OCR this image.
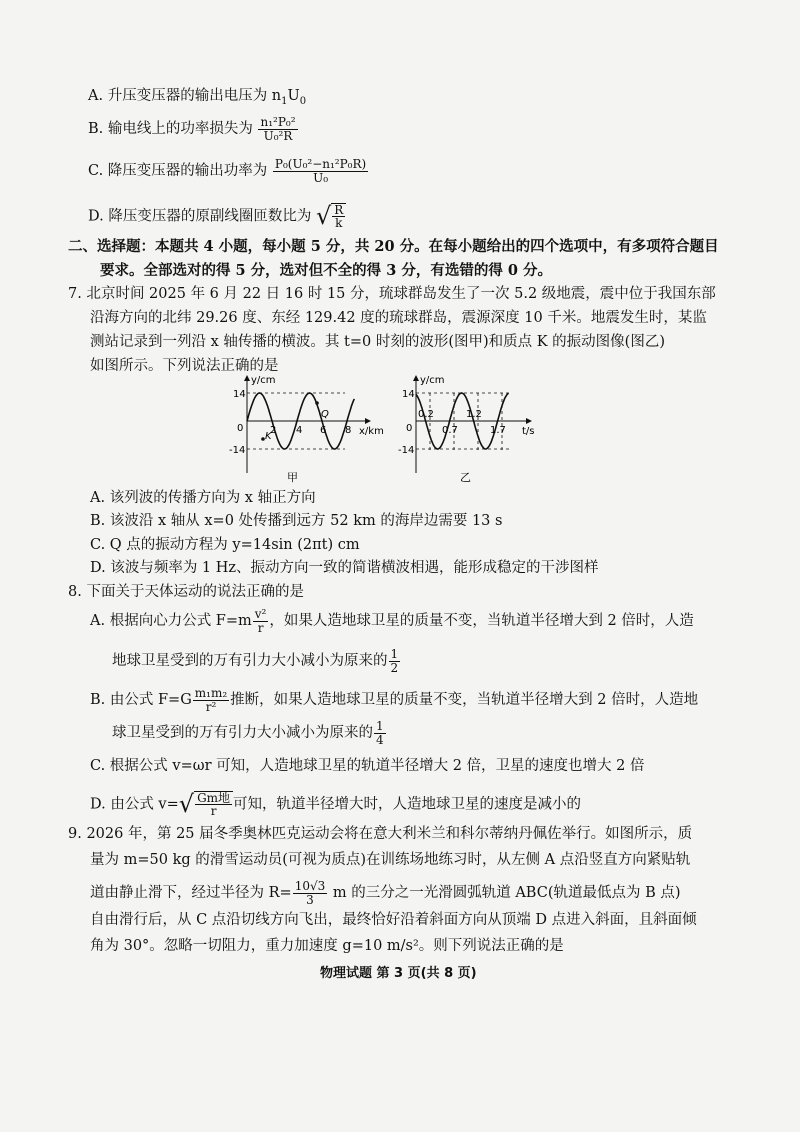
A. 升压变压器的输出电压为 $n_1U_0$
B. 输电线上的功率损失为 $\frac{\text{n₁²P₀²}}{\text{U₀²R}}$
C. 降压变压器的输出功率为 $\frac{\text{P₀(U₀²−n₁²P₀R)}}{\text{U₀}}$
D. 降压变压器的原副线圈匝数比为 √ $\frac{R}{k}$
二、选择题：本题共 4 小题，每小题 5 分，共 20 分。在每小题给出的四个选项中，有多项符合题目
要求。全部选对的得 5 分，选对但不全的得 3 分，有选错的得 0 分。
7. 北京时间 2025 年 6 月 22 日 16 时 15 分，琉球群岛发生了一次 5.2 级地震，震中位于我国东部
沿海方向的北纬 29.26 度、东经 129.42 度的琉球群岛，震源深度 10 千米。地震发生时，某监
测站记录到一列沿 x 轴传播的横波。其 t=0 时刻的波形(图甲)和质点 K 的振动图像(图乙)
如图所示。下列说法正确的是
y/cm
x/km
14
-14
0	2 4 6 8
Q
K
甲
y/cm
t/s
14
-14
0
0.2
0.7
1.2
1.7
乙
A. 该列波的传播方向为 x 轴正方向
B. 该波沿 x 轴从 x=0 处传播到远方 52 km 的海岸边需要 13 s
C. Q 点的振动方程为 y=14sin (2πt) cm
D. 该波与频率为 1 Hz、振动方向一致的简谐横波相遇，能形成稳定的干涉图样
8. 下面关于天体运动的说法正确的是
A. 根据向心力公式 $F=m \frac{\text{v²}}{r}$ ，如果人造地球卫星的质量不变，当轨道半径增大到 2 倍时，人造
地球卫星受到的万有引力大小减小为原来的 $\frac{1}{2}$
B. 由公式 $F=G \frac{\text{m₁m₂}}{\text{r²}}$ 推断，如果人造地球卫星的质量不变，当轨道半径增大到 2 倍时，人造地
球卫星受到的万有引力大小减小为原来的 $\frac{1}{4}$
C. 根据公式 v=ωr 可知，人造地球卫星的轨道半径增大 2 倍，卫星的速度也增大 2 倍
D. 由公式 $v=√ \frac{\text{Gm地}}{r}$ 可知，轨道半径增大时，人造地球卫星的速度是减小的
9. 2026 年，第 25 届冬季奥林匹克运动会将在意大利米兰和科尔蒂纳丹佩佐举行。如图所示，质
量为 m=50 kg 的滑雪运动员(可视为质点)在训练场地练习时，从左侧 A 点沿竖直方向紧贴轨
道由静止滑下，经过半径为 $R= \frac{10√3}{3}$ m 的三分之一光滑圆弧轨道 ABC(轨道最低点为 B 点)
自由滑行后，从 C 点沿切线方向飞出，最终恰好沿着斜面方向从顶端 D 点进入斜面，且斜面倾
角为 30°。忽略一切阻力，重力加速度 g=10 m/s²。则下列说法正确的是
物理试题 第 3 页(共 8 页)
